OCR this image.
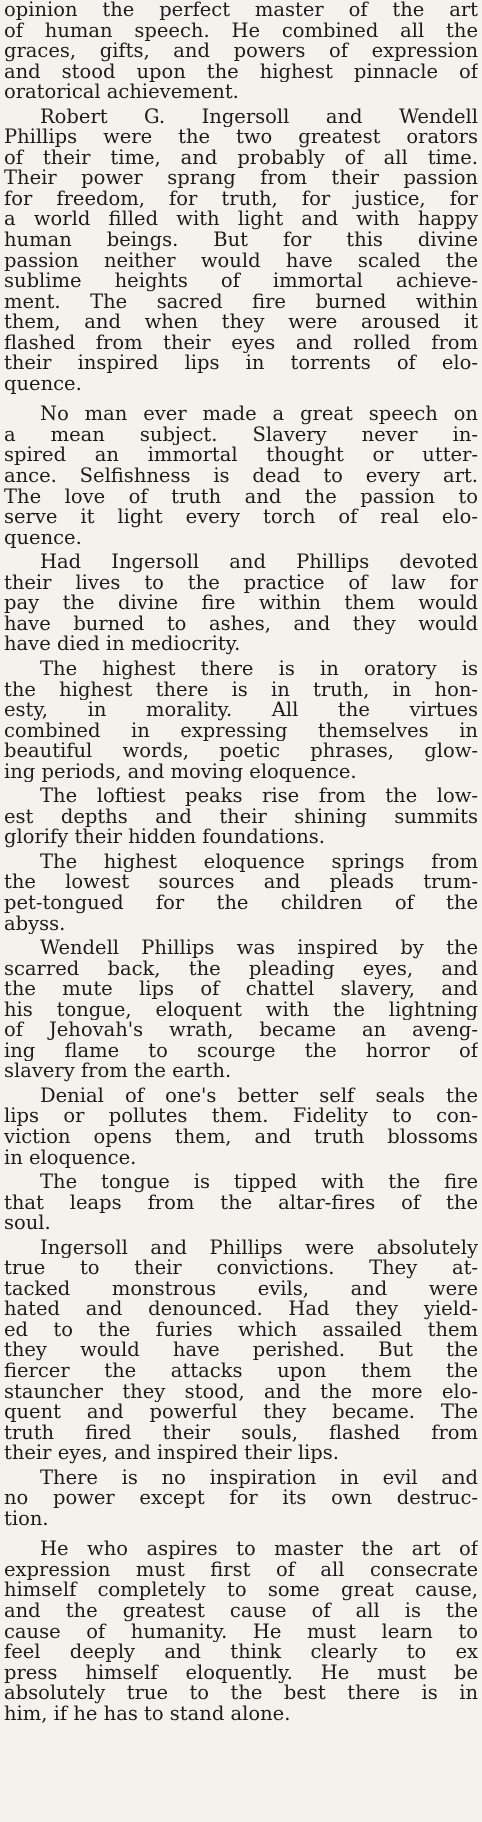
opinion the perfect master of the art
of human speech. He combined all the
graces, gifts, and powers of expression
and stood upon the highest pinnacle of
oratorical achievement.
Robert G. Ingersoll and Wendell
Phillips were the two greatest orators
of their time, and probably of all time.
Their power sprang from their passion
for freedom, for truth, for justice, for
a world filled with light and with happy
human beings. But for this divine
passion neither would have scaled the
sublime heights of immortal achieve-
ment. The sacred fire burned within
them, and when they were aroused it
flashed from their eyes and rolled from
their inspired lips in torrents of elo-
quence.
No man ever made a great speech on
a mean subject. Slavery never in-
spired an immortal thought or utter-
ance. Selfishness is dead to every art.
The love of truth and the passion to
serve it light every torch of real elo-
quence.
Had Ingersoll and Phillips devoted
their lives to the practice of law for
pay the divine fire within them would
have burned to ashes, and they would
have died in mediocrity.
The highest there is in oratory is
the highest there is in truth, in hon-
esty, in morality. All the virtues
combined in expressing themselves in
beautiful words, poetic phrases, glow-
ing periods, and moving eloquence.
The loftiest peaks rise from the low-
est depths and their shining summits
glorify their hidden foundations.
The highest eloquence springs from
the lowest sources and pleads trum-
pet-tongued for the children of the
abyss.
Wendell Phillips was inspired by the
scarred back, the pleading eyes, and
the mute lips of chattel slavery, and
his tongue, eloquent with the lightning
of Jehovah's wrath, became an aveng-
ing flame to scourge the horror of
slavery from the earth.
Denial of one's better self seals the
lips or pollutes them. Fidelity to con-
viction opens them, and truth blossoms
in eloquence.
The tongue is tipped with the fire
that leaps from the altar-fires of the
soul.
Ingersoll and Phillips were absolutely
true to their convictions. They at-
tacked monstrous evils, and were
hated and denounced. Had they yield-
ed to the furies which assailed them
they would have perished. But the
fiercer the attacks upon them the
stauncher they stood, and the more elo-
quent and powerful they became. The
truth fired their souls, flashed from
their eyes, and inspired their lips.
There is no inspiration in evil and
no power except for its own destruc-
tion.
He who aspires to master the art of
expression must first of all consecrate
himself completely to some great cause,
and the greatest cause of all is the
cause of humanity. He must learn to
feel deeply and think clearly to ex
press himself eloquently. He must be
absolutely true to the best there is in
him, if he has to stand alone.
